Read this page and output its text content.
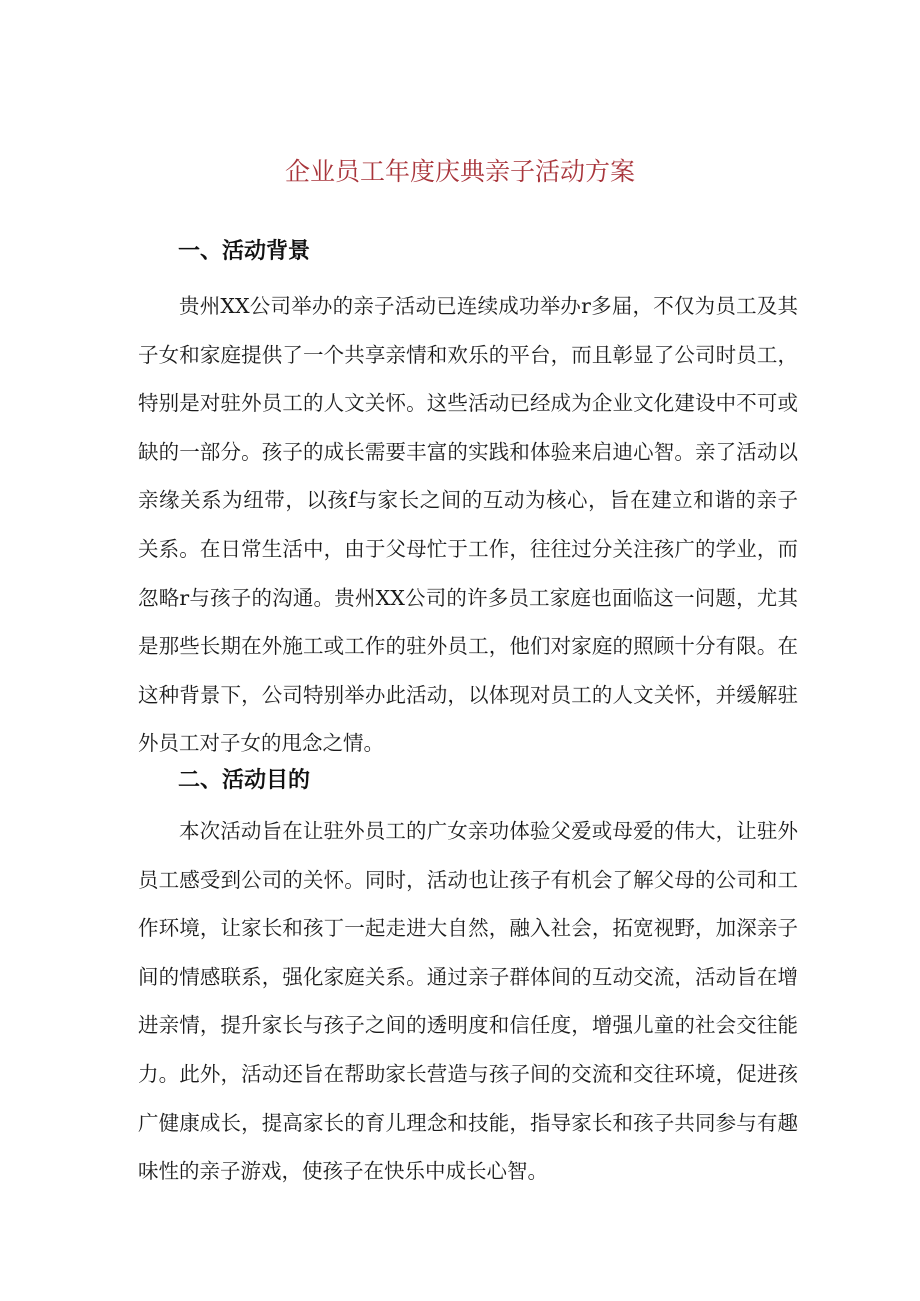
企业员工年度庆典亲子活动方案
一、活动背景

贵州XX公司举办的亲子活动已连续成功举办r多届，不仅为员工及其子女和家庭提供了一个共享亲情和欢乐的平台，而且彰显了公司时员工，特别是对驻外员工的人文关怀。这些活动已经成为企业文化建设中不可或缺的一部分。孩子的成长需要丰富的实践和体验来启迪心智。亲了活动以亲缘关系为纽带，以孩f与家长之间的互动为核心，旨在建立和谐的亲子关系。在日常生活中，由于父母忙于工作，往往过分关注孩广的学业，而忽略r与孩子的沟通。贵州XX公司的许多员工家庭也面临这一问题，尤其是那些长期在外施工或工作的驻外员工，他们对家庭的照顾十分有限。在这种背景下，公司特别举办此活动，以体现对员工的人文关怀，并缓解驻外员工对子女的甩念之情。

二、活动目的

本次活动旨在让驻外员工的广女亲功体验父爱或母爱的伟大，让驻外员工感受到公司的关怀。同时，活动也让孩子有机会了解父母的公司和工作环境，让家长和孩丁一起走进大自然，融入社会，拓宽视野，加深亲子间的情感联系，强化家庭关系。通过亲子群体间的互动交流，活动旨在增进亲情，提升家长与孩子之间的透明度和信任度，增强儿童的社会交往能力。此外，活动还旨在帮助家长营造与孩子间的交流和交往环境，促进孩广健康成长，提高家长的育儿理念和技能，指导家长和孩子共同参与有趣味性的亲子游戏，使孩子在快乐中成长心智。
